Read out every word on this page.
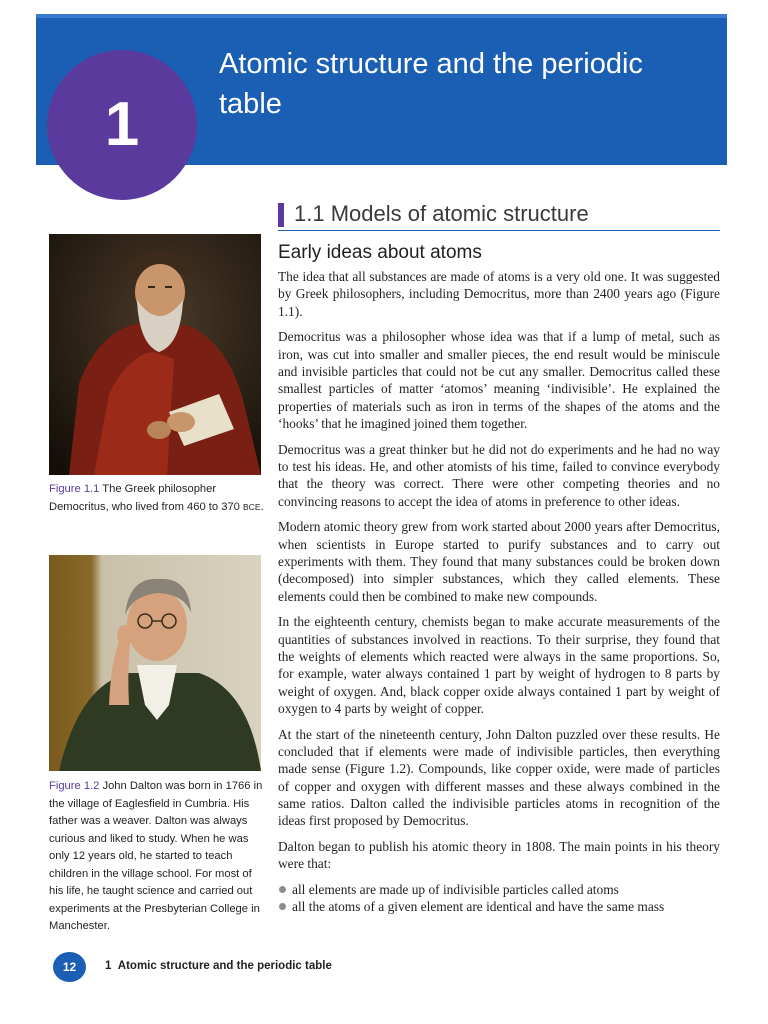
1
Atomic structure and the periodic table
1.1 Models of atomic structure
Early ideas about atoms

The idea that all substances are made of atoms is a very old one. It was suggested by Greek philosophers, including Democritus, more than 2400 years ago (Figure 1.1).

Democritus was a philosopher whose idea was that if a lump of metal, such as iron, was cut into smaller and smaller pieces, the end result would be miniscule and invisible particles that could not be cut any smaller. Democritus called these smallest particles of matter ‘atomos’ meaning ‘indivisible’. He explained the properties of materials such as iron in terms of the shapes of the atoms and the ‘hooks’ that he imagined joined them together.

Democritus was a great thinker but he did not do experiments and he had no way to test his ideas. He, and other atomists of his time, failed to convince everybody that the theory was correct. There were other competing theories and no convincing reasons to accept the idea of atoms in preference to other ideas.

Modern atomic theory grew from work started about 2000 years after Democritus, when scientists in Europe started to purify substances and to carry out experiments with them. They found that many substances could be broken down (decomposed) into simpler substances, which they called elements. These elements could then be combined to make new compounds.

In the eighteenth century, chemists began to make accurate measurements of the quantities of substances involved in reactions. To their surprise, they found that the weights of elements which reacted were always in the same proportions. So, for example, water always contained 1 part by weight of hydrogen to 8 parts by weight of oxygen. And, black copper oxide always contained 1 part by weight of oxygen to 4 parts by weight of copper.

At the start of the nineteenth century, John Dalton puzzled over these results. He concluded that if elements were made of indivisible particles, then everything made sense (Figure 1.2). Compounds, like copper oxide, were made of particles of copper and oxygen with different masses and these always combined in the same ratios. Dalton called the indivisible particles atoms in recognition of the ideas first proposed by Democritus.

Dalton began to publish his atomic theory in 1808. The main points in his theory were that:

all elements are made up of indivisible particles called atoms
all the atoms of a given element are identical and have the same mass
Figure 1.1 The Greek philosopher Democritus, who lived from 460 to 370 BCE.
Figure 1.2 John Dalton was born in 1766 in the village of Eaglesfield in Cumbria. His father was a weaver. Dalton was always curious and liked to study. When he was only 12 years old, he started to teach children in the village school. For most of his life, he taught science and carried out experiments at the Presbyterian College in Manchester.
12	1 Atomic structure and the periodic table
